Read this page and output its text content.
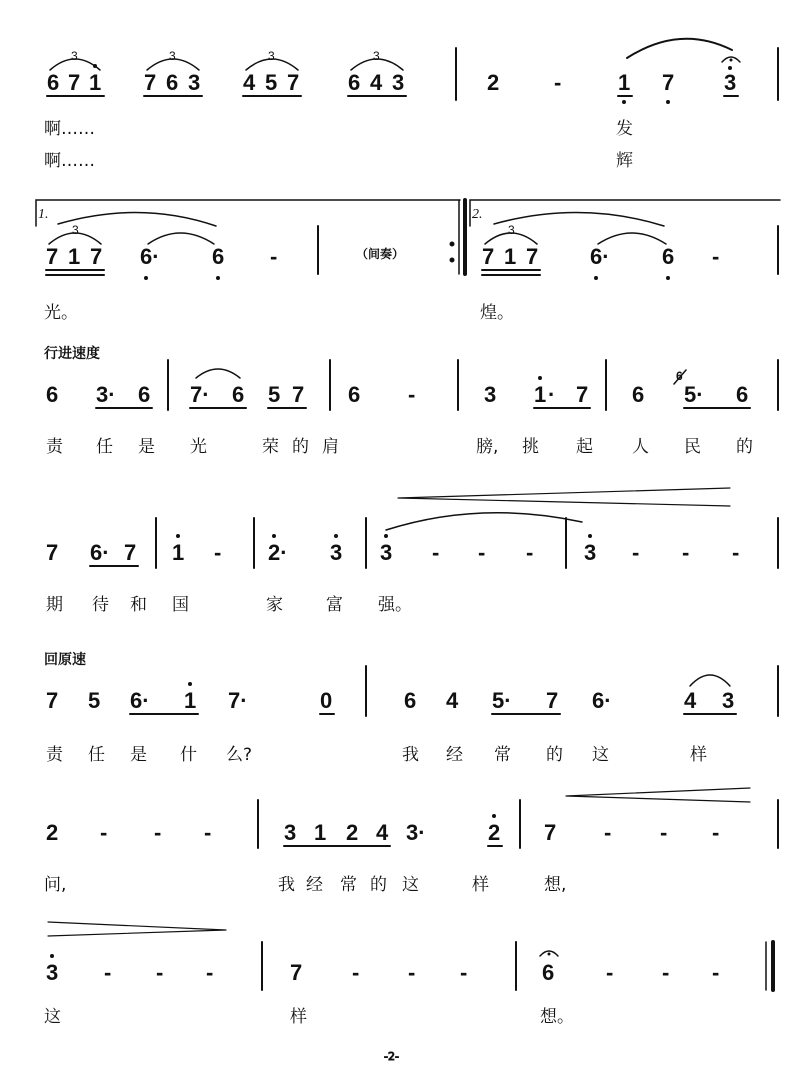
6 7 1
3
7 6 3
3
4 5 7
3
6 4 3
3
2 -	1 7 3
啊……	发
啊……	辉
1.	2.
7 1 7
3
6· 6 -	（间奏）	7 1 7
3
6· 6 -
光。	煌。
行进速度
6 3· 6 7· 6 5 7 6 -	3 1 · 7 6
6
5· 6
责 任 是 光	荣 的 肩	膀, 挑 起 人 民 的
7 6· 7 1 - 2· 3 3 - - - 3 - - -
期 待 和 国	家	富 强。
回原速
7 5 6· 1 7·	0	6 4 5· 7 6·	4 3
责 任 是 什 么?	我 经 常 的 这	样
2 - - -	3 1 2 4 3·	2 7 - - -
问,	我 经 常 的 这	样	想,
3 - - -	7 - - -	6 - - -
这	样	想。
-2-
